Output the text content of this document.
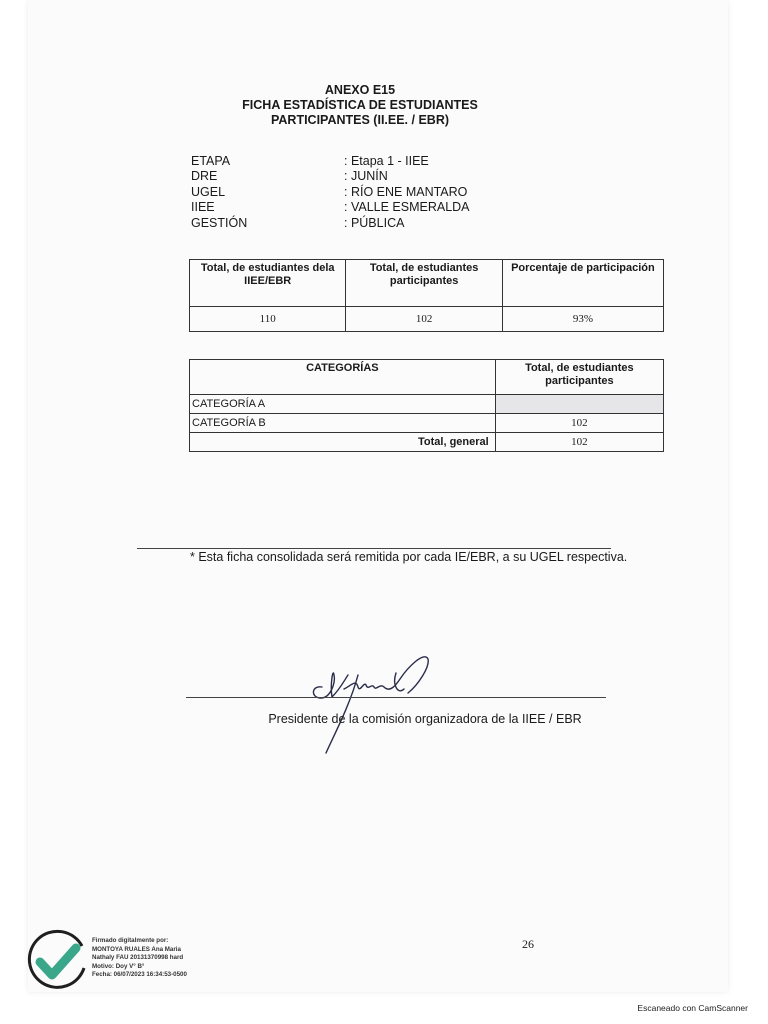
ANEXO E15
FICHA ESTADÍSTICA DE ESTUDIANTES
PARTICIPANTES (II.EE. / EBR)
ETAPA	: Etapa 1 - IIEE
DRE	: JUNÍN
UGEL	: RÍO ENE MANTARO
IIEE	: VALLE ESMERALDA
GESTIÓN	: PÚBLICA
Total, de estudiantes dela IIEE/EBR	Total, de estudiantes participantes	Porcentaje de participación
110	102	93%
CATEGORÍAS	Total, de estudiantes participantes
CATEGORÍA A	
CATEGORÍA B	102
Total, general	102
* Esta ficha consolidada será remitida por cada IE/EBR, a su UGEL respectiva.
Presidente de la comisión organizadora de la IIEE / EBR
26
Firmado digitalmente por:
MONTOYA RUALES Ana Maria
Nathaly FAU 20131370998 hard
Motivo: Doy V° B°
Fecha: 06/07/2023 16:34:53-0500
Escaneado con CamScanner
